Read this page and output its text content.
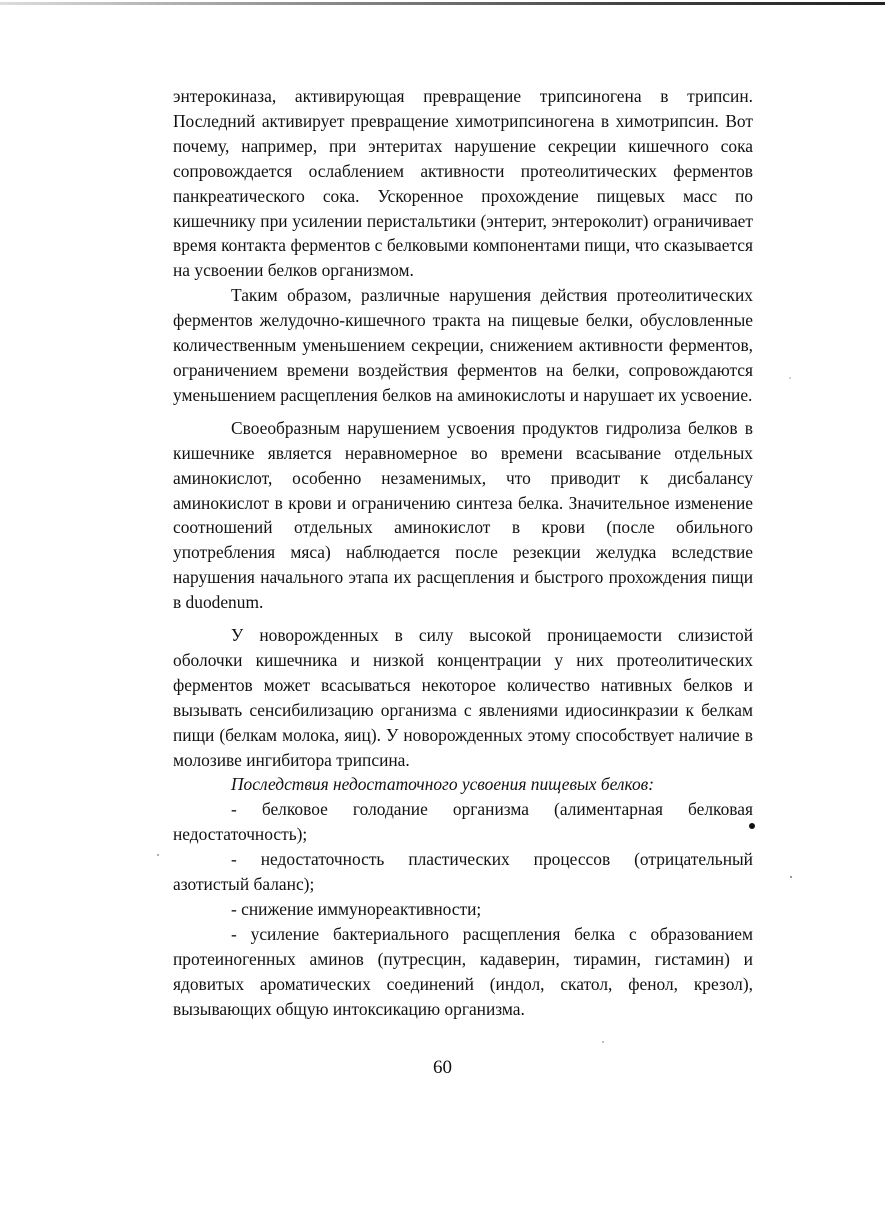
энтерокиназа, активирующая превращение трипсиногена в трипсин. Последний активирует превращение химотрипсиногена в химотрипсин. Вот почему, например, при энтеритах нарушение секреции кишечного сока сопровождается ослаблением активности протеолитических ферментов панкреатического сока. Ускоренное прохождение пищевых масс по кишечнику при усилении перистальтики (энтерит, энтероколит) ограничивает время контакта ферментов с белковыми компонентами пищи, что сказывается на усвоении белков организмом.

Таким образом, различные нарушения действия протеолитических ферментов желудочно-кишечного тракта на пищевые белки, обусловленные количественным уменьшением секреции, снижением активности ферментов, ограничением времени воздействия ферментов на белки, сопровождаются уменьшением расщепления белков на аминокислоты и нарушает их усвоение.

Своеобразным нарушением усвоения продуктов гидролиза белков в кишечнике является неравномерное во времени всасывание отдельных аминокислот, особенно незаменимых, что приводит к дисбалансу аминокислот в крови и ограничению синтеза белка. Значительное изменение соотношений отдельных аминокислот в крови (после обильного употребления мяса) наблюдается после резекции желудка вследствие нарушения начального этапа их расщепления и быстрого прохождения пищи в duodenum.

У новорожденных в силу высокой проницаемости слизистой оболочки кишечника и низкой концентрации у них протеолитических ферментов может всасываться некоторое количество нативных белков и вызывать сенсибилизацию организма с явлениями идиосинкразии к белкам пищи (белкам молока, яиц). У новорожденных этому способствует наличие в молозиве ингибитора трипсина.

Последствия недостаточного усвоения пищевых белков:

- белковое голодание организма (алиментарная белковая недостаточность);

- недостаточность пластических процессов (отрицательный азотистый баланс);

- снижение иммунореактивности;

- усиление бактериального расщепления белка с образованием протеиногенных аминов (путресцин, кадаверин, тирамин, гистамин) и ядовитых ароматических соединений (индол, скатол, фенол, крезол), вызывающих общую интоксикацию организма.

60
